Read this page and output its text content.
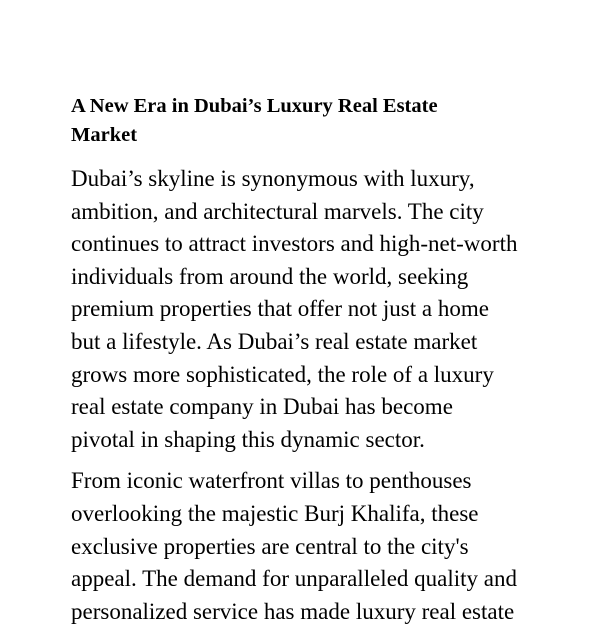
A New Era in Dubai’s Luxury Real Estate
Market

Dubai’s skyline is synonymous with luxury,
ambition, and architectural marvels. The city
continues to attract investors and high-net-worth
individuals from around the world, seeking
premium properties that offer not just a home
but a lifestyle. As Dubai’s real estate market
grows more sophisticated, the role of a luxury
real estate company in Dubai has become
pivotal in shaping this dynamic sector.

From iconic waterfront villas to penthouses
overlooking the majestic Burj Khalifa, these
exclusive properties are central to the city's
appeal. The demand for unparalleled quality and
personalized service has made luxury real estate
